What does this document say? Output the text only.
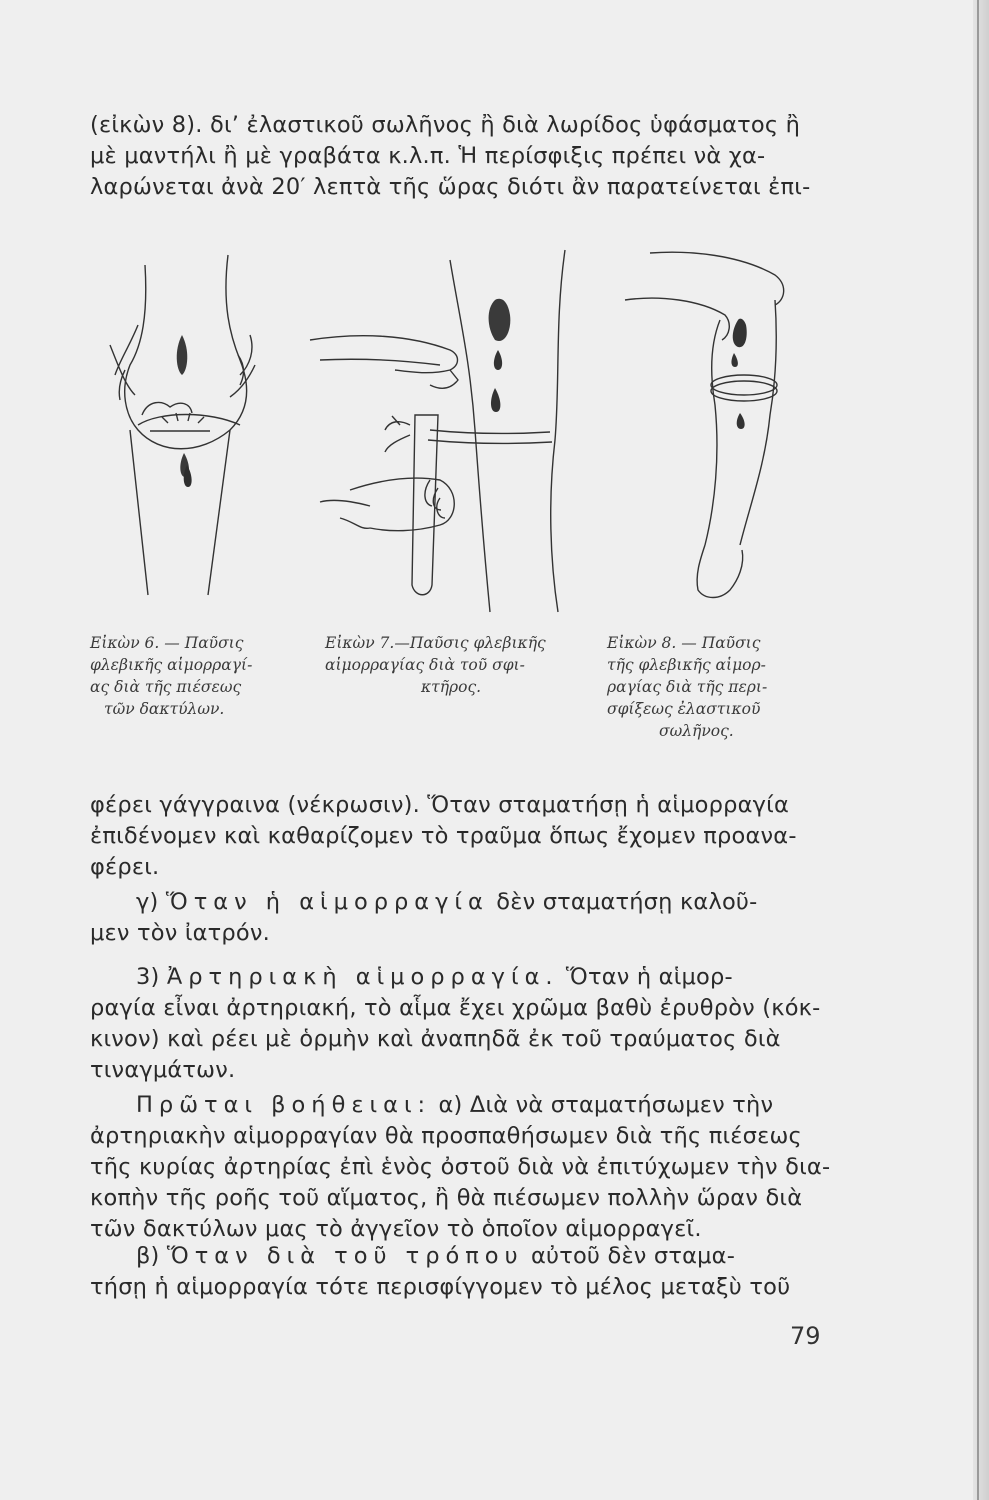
(εἰκὼν 8). δι’ ἐλαστικοῦ σωλῆνος ἢ διὰ λωρίδος ὑφάσματος ἢ
μὲ μαντήλι ἢ μὲ γραβάτα κ.λ.π. Ἡ περίσφιξις πρέπει νὰ χα-
λαρώνεται ἀνὰ 20′ λεπτὰ τῆς ὥρας διότι ἂν παρατείνεται ἐπι-

Εἰκὼν 6. — Παῦσις
φλεβικῆς αἱμορραγί-
ας διὰ τῆς πιέσεως
τῶν δακτύλων.

Εἰκὼν 7.—Παῦσις φλεβικῆς
αἱμορραγίας διὰ τοῦ σφι-
κτῆρος.

Εἰκὼν 8. — Παῦσις
τῆς φλεβικῆς αἱμορ-
ραγίας διὰ τῆς περι-
σφίξεως ἐλαστικοῦ
σωλῆνος.

φέρει γάγγραινα (νέκρωσιν). Ὅταν σταματήσῃ ἡ αἱμορραγία
ἐπιδένομεν καὶ καθαρίζομεν τὸ τραῦμα ὅπως ἔχομεν προανα-
φέρει.

γ) Ὅταν ἡ αἱμορραγία δὲν σταματήσῃ καλοῦ-
μεν τὸν ἰατρόν.

3) Ἀρτηριακὴ αἱμορραγία. Ὅταν ἡ αἱμορ-
ραγία εἶναι ἀρτηριακή, τὸ αἷμα ἔχει χρῶμα βαθὺ ἐρυθρὸν (κόκ-
κινον) καὶ ρέει μὲ ὁρμὴν καὶ ἀναπηδᾶ ἐκ τοῦ τραύματος διὰ
τιναγμάτων.

Πρῶται βοήθειαι: α) Διὰ νὰ σταματήσωμεν τὴν
ἀρτηριακὴν αἱμορραγίαν θὰ προσπαθήσωμεν διὰ τῆς πιέσεως
τῆς κυρίας ἀρτηρίας ἐπὶ ἑνὸς ὀστοῦ διὰ νὰ ἐπιτύχωμεν τὴν δια-
κοπὴν τῆς ροῆς τοῦ αἵματος, ἢ θὰ πιέσωμεν πολλὴν ὥραν διὰ
τῶν δακτύλων μας τὸ ἀγγεῖον τὸ ὁποῖον αἱμορραγεῖ.

β) Ὅταν διὰ τοῦ τρόπου αὐτοῦ δὲν σταμα-
τήσῃ ἡ αἱμορραγία τότε περισφίγγομεν τὸ μέλος μεταξὺ τοῦ

79
